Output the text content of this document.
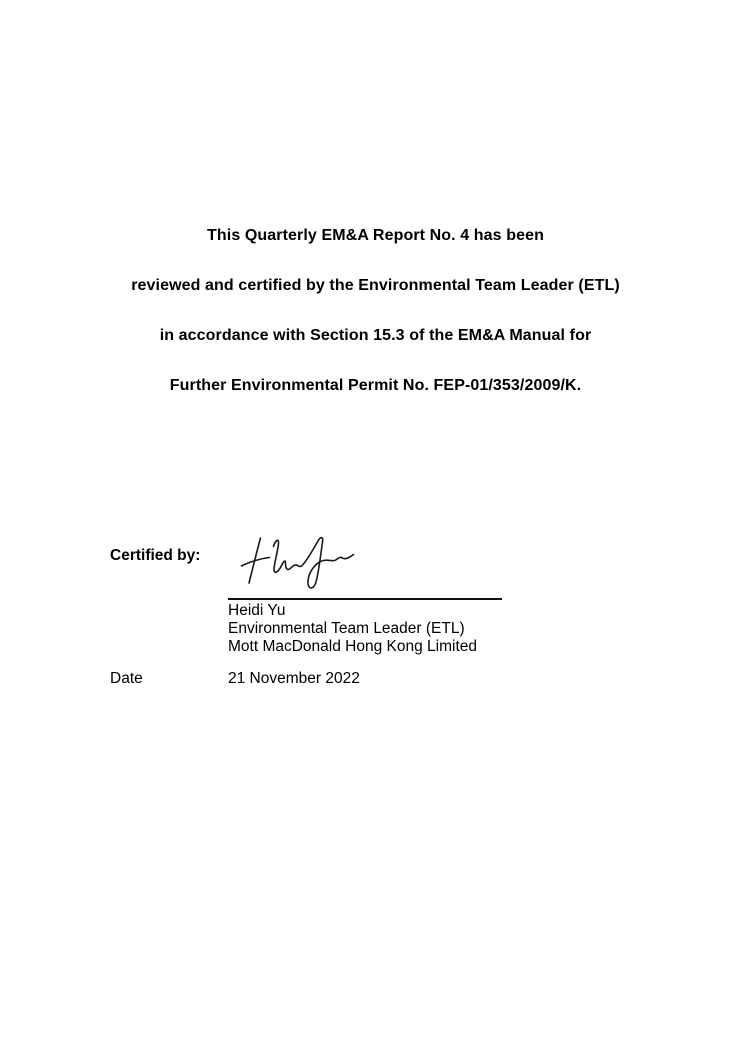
This Quarterly EM&A Report No. 4 has been

reviewed and certified by the Environmental Team Leader (ETL)

in accordance with Section 15.3 of the EM&A Manual for

Further Environmental Permit No. FEP-01/353/2009/K.

Certified by:
Heidi Yu
Environmental Team Leader (ETL)
Mott MacDonald Hong Kong Limited
Date	21 November 2022
